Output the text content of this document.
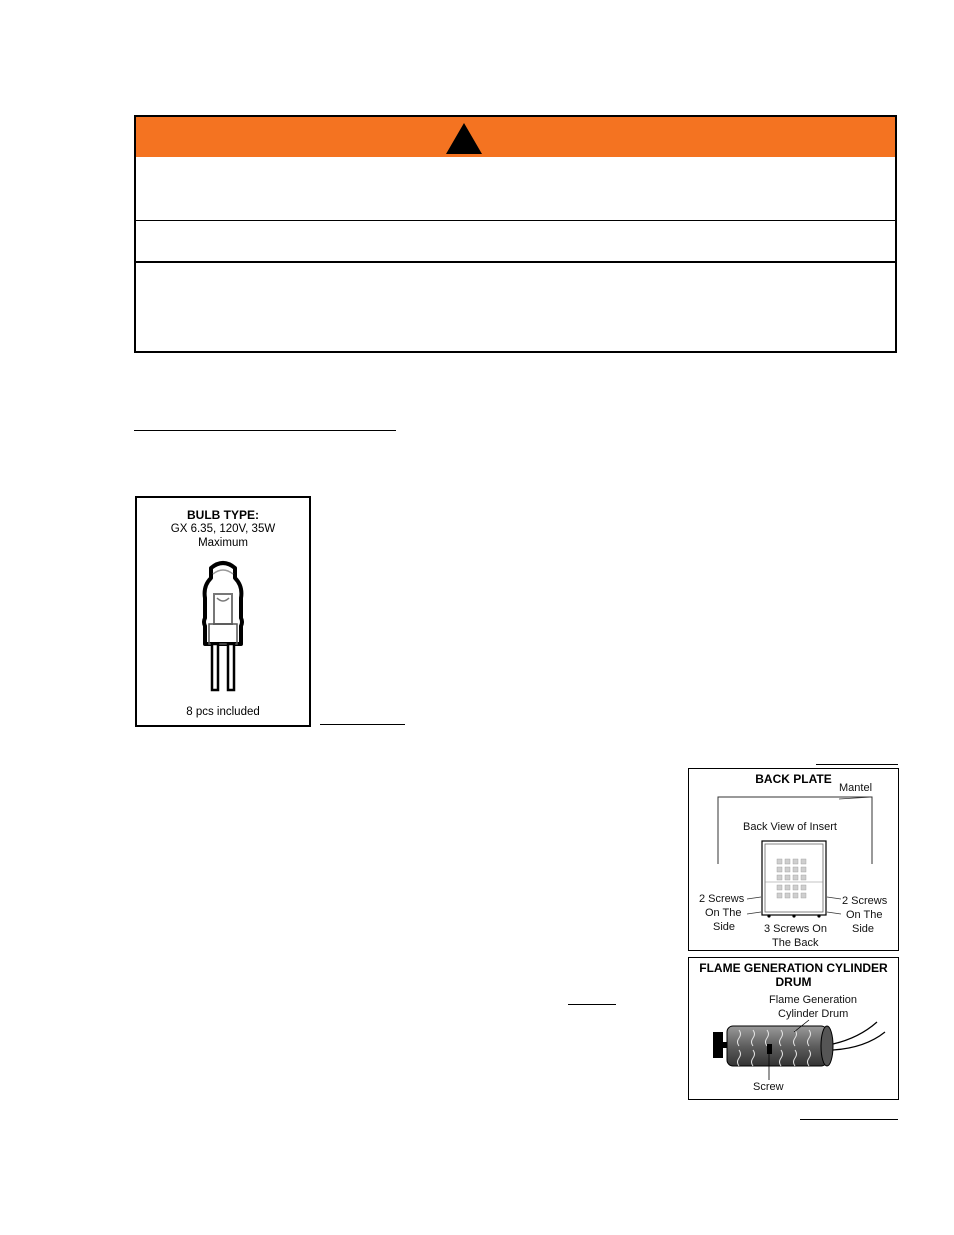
BULB TYPE:
GX 6.35, 120V, 35W
Maximum
8 pcs included
BACK PLATE
Mantel
Back View of Insert
2 Screws
On The
Side
2 Screws
On The
Side
3 Screws On
The Back
FLAME GENERATION CYLINDER
DRUM
Flame Generation
Cylinder Drum
Screw
